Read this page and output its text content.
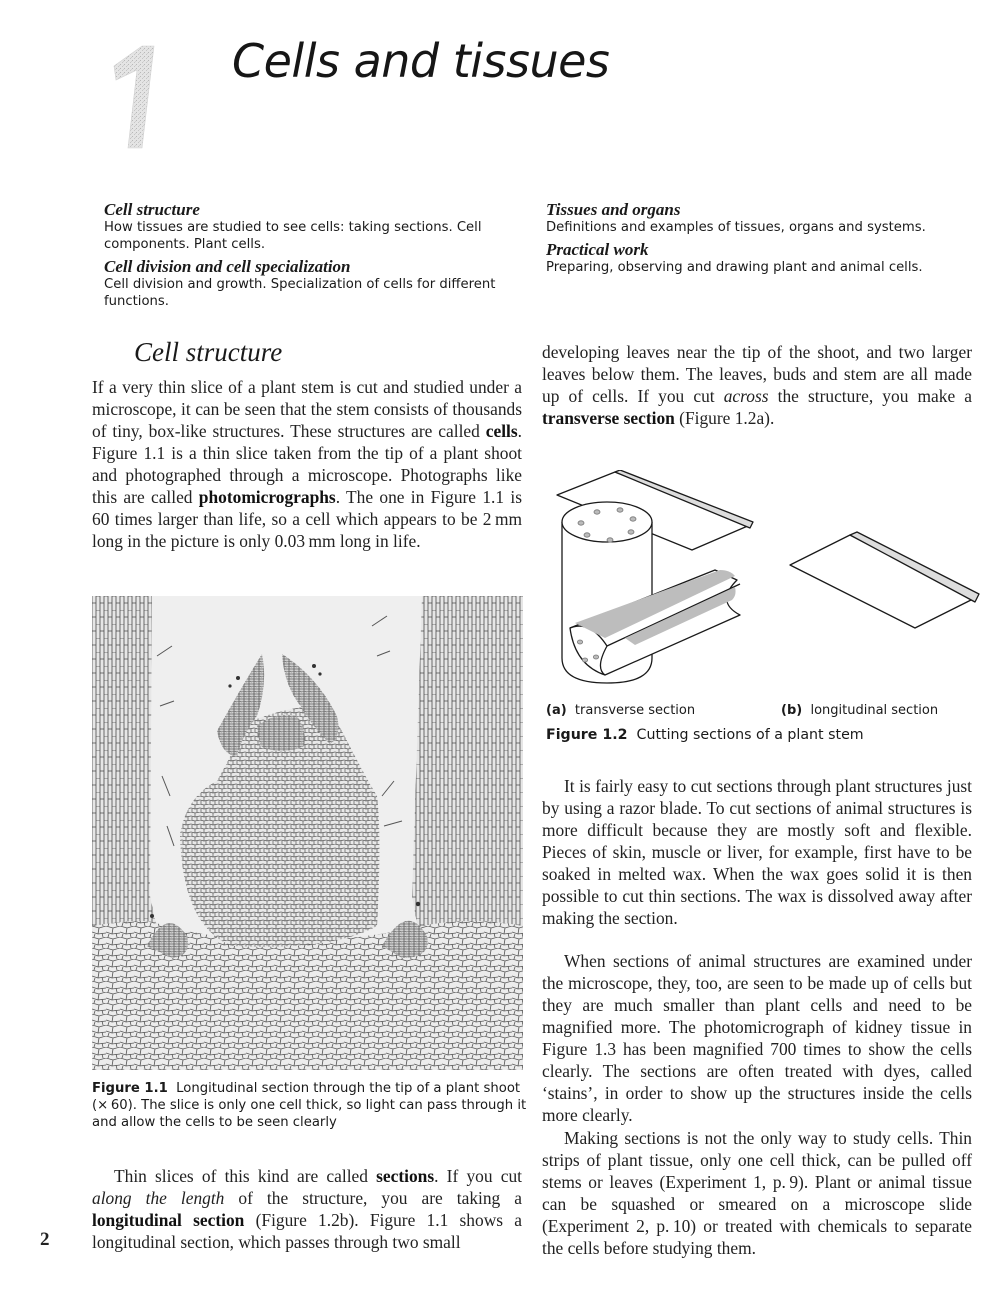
Cells and tissues
Cell structure
How tissues are studied to see cells: taking sections. Cell components. Plant cells.
Cell division and cell specialization
Cell division and growth. Specialization of cells for different functions.
Tissues and organs
Definitions and examples of tissues, organs and systems.
Practical work
Preparing, observing and drawing plant and animal cells.
Cell structure

If a very thin slice of a plant stem is cut and studied under a microscope, it can be seen that the stem consists of thousands of tiny, box-like structures. These structures are called cells. Figure 1.1 is a thin slice taken from the tip of a plant shoot and photographed through a microscope. Photographs like this are called photomicrographs. The one in Figure 1.1 is 60 times larger than life, so a cell which appears to be 2 mm long in the picture is only 0.03 mm long in life.

Figure 1.1 Longitudinal section through the tip of a plant shoot (× 60). The slice is only one cell thick, so light can pass through it and allow the cells to be seen clearly

Thin slices of this kind are called sections. If you cut along the length of the structure, you are taking a longitudinal section (Figure 1.2b). Figure 1.1 shows a longitudinal section, which passes through two small

2

developing leaves near the tip of the shoot, and two larger leaves below them. The leaves, buds and stem are all made up of cells. If you cut across the structure, you make a transverse section (Figure 1.2a).

(a) transverse section	(b) longitudinal section

Figure 1.2 Cutting sections of a plant stem

It is fairly easy to cut sections through plant structures just by using a razor blade. To cut sections of animal structures is more difficult because they are mostly soft and flexible. Pieces of skin, muscle or liver, for example, first have to be soaked in melted wax. When the wax goes solid it is then possible to cut thin sections. The wax is dissolved away after making the section.

When sections of animal structures are examined under the microscope, they, too, are seen to be made up of cells but they are much smaller than plant cells and need to be magnified more. The photomicrograph of kidney tissue in Figure 1.3 has been magnified 700 times to show the cells clearly. The sections are often treated with dyes, called ‘stains’, in order to show up the structures inside the cells more clearly.

Making sections is not the only way to study cells. Thin strips of plant tissue, only one cell thick, can be pulled off stems or leaves (Experiment 1, p. 9). Plant or animal tissue can be squashed or smeared on a microscope slide (Experiment 2, p. 10) or treated with chemicals to separate the cells before studying them.
